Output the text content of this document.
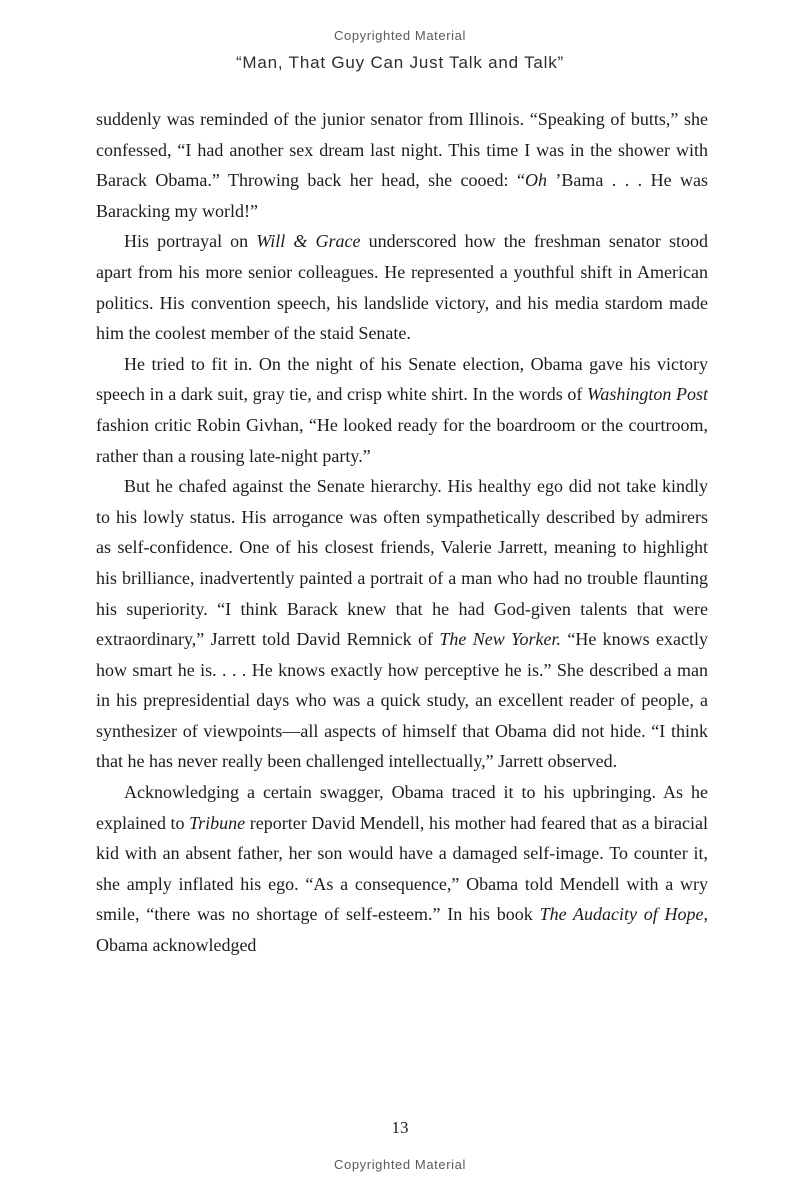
Copyrighted Material
“Man, That Guy Can Just Talk and Talk”

suddenly was reminded of the junior senator from Illinois. “Speaking of butts,” she confessed, “I had another sex dream last night. This time I was in the shower with Barack Obama.” Throwing back her head, she cooed: “Oh ’Bama . . . He was Baracking my world!”

His portrayal on Will & Grace underscored how the freshman senator stood apart from his more senior colleagues. He represented a youthful shift in American politics. His convention speech, his landslide victory, and his media stardom made him the coolest member of the staid Senate.

He tried to fit in. On the night of his Senate election, Obama gave his victory speech in a dark suit, gray tie, and crisp white shirt. In the words of Washington Post fashion critic Robin Givhan, “He looked ready for the boardroom or the courtroom, rather than a rousing late-night party.”

But he chafed against the Senate hierarchy. His healthy ego did not take kindly to his lowly status. His arrogance was often sympathetically described by admirers as self-confidence. One of his closest friends, Valerie Jarrett, meaning to highlight his brilliance, inadvertently painted a portrait of a man who had no trouble flaunting his superiority. “I think Barack knew that he had God-given talents that were extraordinary,” Jarrett told David Remnick of The New Yorker. “He knows exactly how smart he is. . . . He knows exactly how perceptive he is.” She described a man in his prepresidential days who was a quick study, an excellent reader of people, a synthesizer of viewpoints—all aspects of himself that Obama did not hide. “I think that he has never really been challenged intellectually,” Jarrett observed.

Acknowledging a certain swagger, Obama traced it to his upbringing. As he explained to Tribune reporter David Mendell, his mother had feared that as a biracial kid with an absent father, her son would have a damaged self-image. To counter it, she amply inflated his ego. “As a consequence,” Obama told Mendell with a wry smile, “there was no shortage of self-esteem.” In his book The Audacity of Hope, Obama acknowledged

13
Copyrighted Material
